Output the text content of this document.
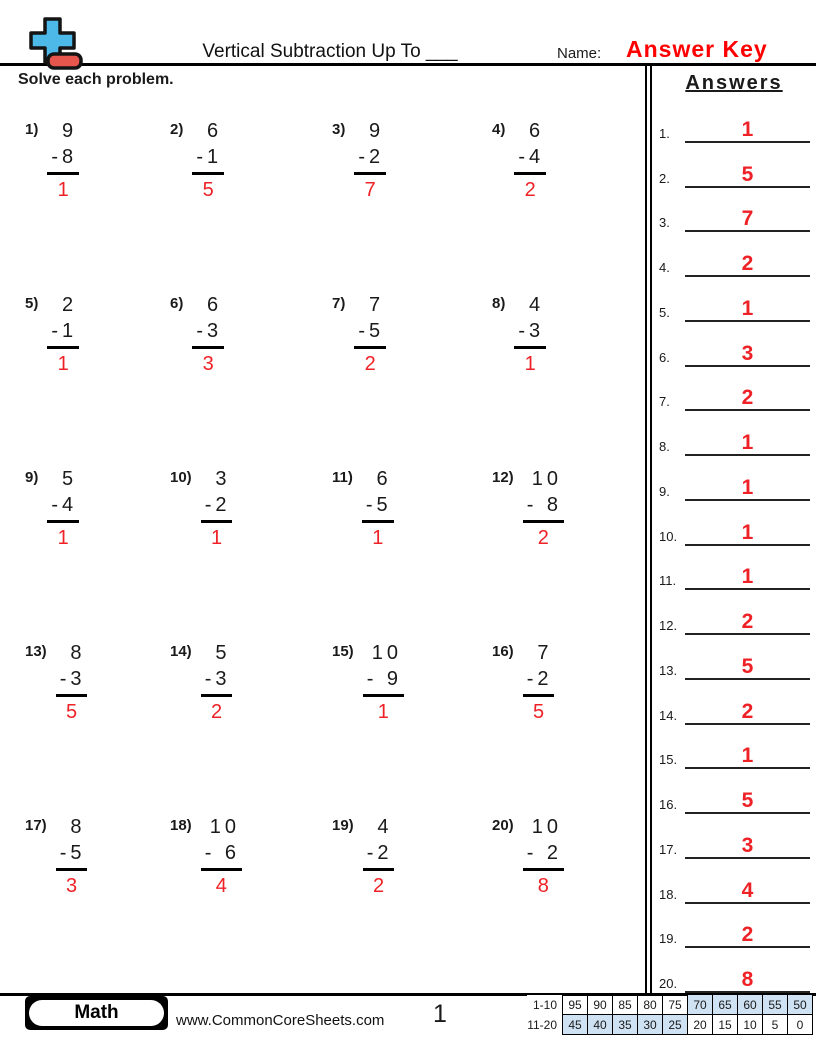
Vertical Subtraction Up To ___	Name: Answer Key
Solve each problem.
1)	9
-8
1
2)	6
-1
5
3)	9
-2
7
4)	6
-4
2
5)	2
-1
1
6)	6
-3
3
7)	7
-5
2
8)	4
-3
1
9)	5
-4
1
10)	3
-2
1
11)	6
-5
1
12) 10
- 8
2
13)	8
-3
5
14)	5
-3
2
15) 10
- 9
1
16)	7
-2
5
17)	8
-5
3
18) 10
- 6
4
19)	4
-2
2
20) 10
- 2
8
Answers
1.	1
2.	5
3.	7
4.	2
5.	1
6.	3
7.	2
8.	1
9.	1
10.	1
11.	1
12.	2
13.	5
14.	2
15.	1
16.	5
17.	3
18.	4
19.	2
20.	8
Math	www.CommonCoreSheets.com	1	1-10	95	90	85	80	75	70	65	60	55	50
11-20	45	40	35	30	25	20	15	10	5	0
